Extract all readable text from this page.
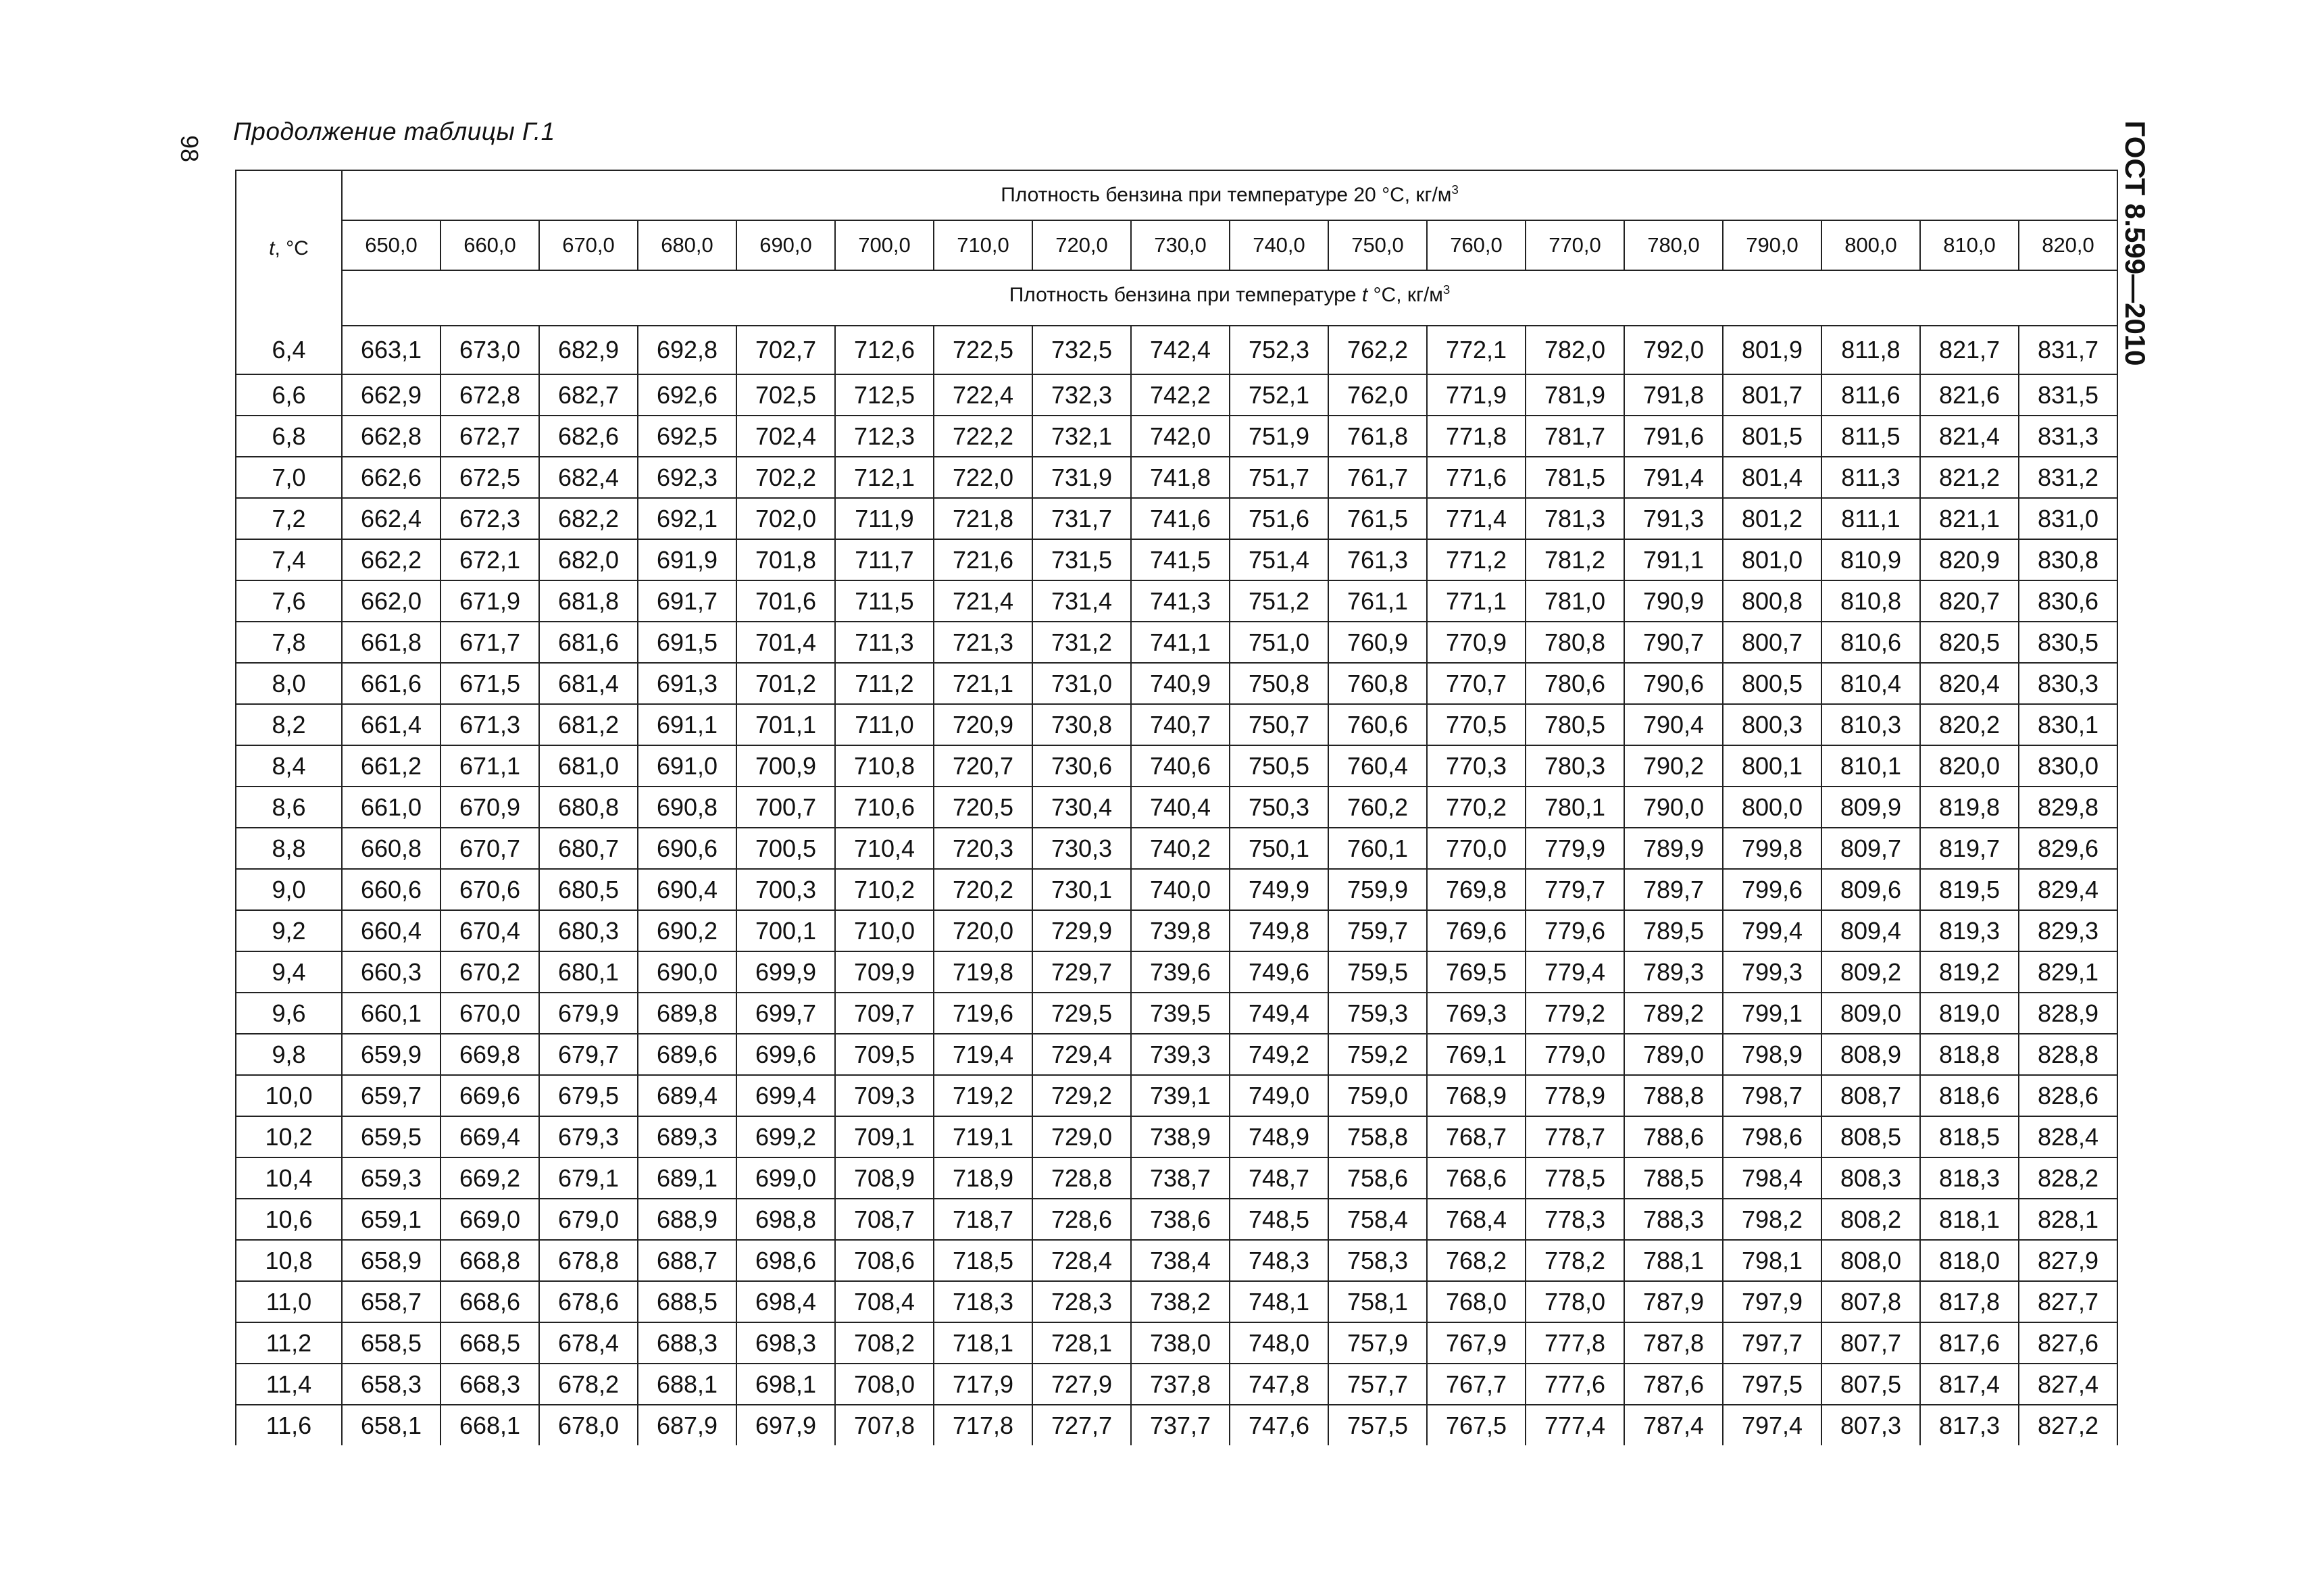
98
Продолжение таблицы Г.1	ГОСТ 8.599—2010
t, °C	Плотность бензина при температуре 20 °C, $кг/м^3$
	650,0	660,0	670,0	680,0	690,0	700,0	710,0	720,0	730,0	740,0	750,0	760,0	770,0	780,0	790,0	800,0	810,0	820,0
	Плотность бензина при температуре t °C, $кг/м^3$

6,4	663,1	673,0	682,9	692,8	702,7	712,6	722,5	732,5	742,4	752,3	762,2	772,1	782,0	792,0	801,9	811,8	821,7	831,7
6,6	662,9	672,8	682,7	692,6	702,5	712,5	722,4	732,3	742,2	752,1	762,0	771,9	781,9	791,8	801,7	811,6	821,6	831,5
6,8	662,8	672,7	682,6	692,5	702,4	712,3	722,2	732,1	742,0	751,9	761,8	771,8	781,7	791,6	801,5	811,5	821,4	831,3
7,0	662,6	672,5	682,4	692,3	702,2	712,1	722,0	731,9	741,8	751,7	761,7	771,6	781,5	791,4	801,4	811,3	821,2	831,2
7,2	662,4	672,3	682,2	692,1	702,0	711,9	721,8	731,7	741,6	751,6	761,5	771,4	781,3	791,3	801,2	811,1	821,1	831,0
7,4	662,2	672,1	682,0	691,9	701,8	711,7	721,6	731,5	741,5	751,4	761,3	771,2	781,2	791,1	801,0	810,9	820,9	830,8
7,6	662,0	671,9	681,8	691,7	701,6	711,5	721,4	731,4	741,3	751,2	761,1	771,1	781,0	790,9	800,8	810,8	820,7	830,6
7,8	661,8	671,7	681,6	691,5	701,4	711,3	721,3	731,2	741,1	751,0	760,9	770,9	780,8	790,7	800,7	810,6	820,5	830,5
8,0	661,6	671,5	681,4	691,3	701,2	711,2	721,1	731,0	740,9	750,8	760,8	770,7	780,6	790,6	800,5	810,4	820,4	830,3
8,2	661,4	671,3	681,2	691,1	701,1	711,0	720,9	730,8	740,7	750,7	760,6	770,5	780,5	790,4	800,3	810,3	820,2	830,1
8,4	661,2	671,1	681,0	691,0	700,9	710,8	720,7	730,6	740,6	750,5	760,4	770,3	780,3	790,2	800,1	810,1	820,0	830,0
8,6	661,0	670,9	680,8	690,8	700,7	710,6	720,5	730,4	740,4	750,3	760,2	770,2	780,1	790,0	800,0	809,9	819,8	829,8
8,8	660,8	670,7	680,7	690,6	700,5	710,4	720,3	730,3	740,2	750,1	760,1	770,0	779,9	789,9	799,8	809,7	819,7	829,6
9,0	660,6	670,6	680,5	690,4	700,3	710,2	720,2	730,1	740,0	749,9	759,9	769,8	779,7	789,7	799,6	809,6	819,5	829,4
9,2	660,4	670,4	680,3	690,2	700,1	710,0	720,0	729,9	739,8	749,8	759,7	769,6	779,6	789,5	799,4	809,4	819,3	829,3
9,4	660,3	670,2	680,1	690,0	699,9	709,9	719,8	729,7	739,6	749,6	759,5	769,5	779,4	789,3	799,3	809,2	819,2	829,1
9,6	660,1	670,0	679,9	689,8	699,7	709,7	719,6	729,5	739,5	749,4	759,3	769,3	779,2	789,2	799,1	809,0	819,0	828,9
9,8	659,9	669,8	679,7	689,6	699,6	709,5	719,4	729,4	739,3	749,2	759,2	769,1	779,0	789,0	798,9	808,9	818,8	828,8
10,0	659,7	669,6	679,5	689,4	699,4	709,3	719,2	729,2	739,1	749,0	759,0	768,9	778,9	788,8	798,7	808,7	818,6	828,6
10,2	659,5	669,4	679,3	689,3	699,2	709,1	719,1	729,0	738,9	748,9	758,8	768,7	778,7	788,6	798,6	808,5	818,5	828,4
10,4	659,3	669,2	679,1	689,1	699,0	708,9	718,9	728,8	738,7	748,7	758,6	768,6	778,5	788,5	798,4	808,3	818,3	828,2
10,6	659,1	669,0	679,0	688,9	698,8	708,7	718,7	728,6	738,6	748,5	758,4	768,4	778,3	788,3	798,2	808,2	818,1	828,1
10,8	658,9	668,8	678,8	688,7	698,6	708,6	718,5	728,4	738,4	748,3	758,3	768,2	778,2	788,1	798,1	808,0	818,0	827,9
11,0	658,7	668,6	678,6	688,5	698,4	708,4	718,3	728,3	738,2	748,1	758,1	768,0	778,0	787,9	797,9	807,8	817,8	827,7
11,2	658,5	668,5	678,4	688,3	698,3	708,2	718,1	728,1	738,0	748,0	757,9	767,9	777,8	787,8	797,7	807,7	817,6	827,6
11,4	658,3	668,3	678,2	688,1	698,1	708,0	717,9	727,9	737,8	747,8	757,7	767,7	777,6	787,6	797,5	807,5	817,4	827,4
11,6	658,1	668,1	678,0	687,9	697,9	707,8	717,8	727,7	737,7	747,6	757,5	767,5	777,4	787,4	797,4	807,3	817,3	827,2
